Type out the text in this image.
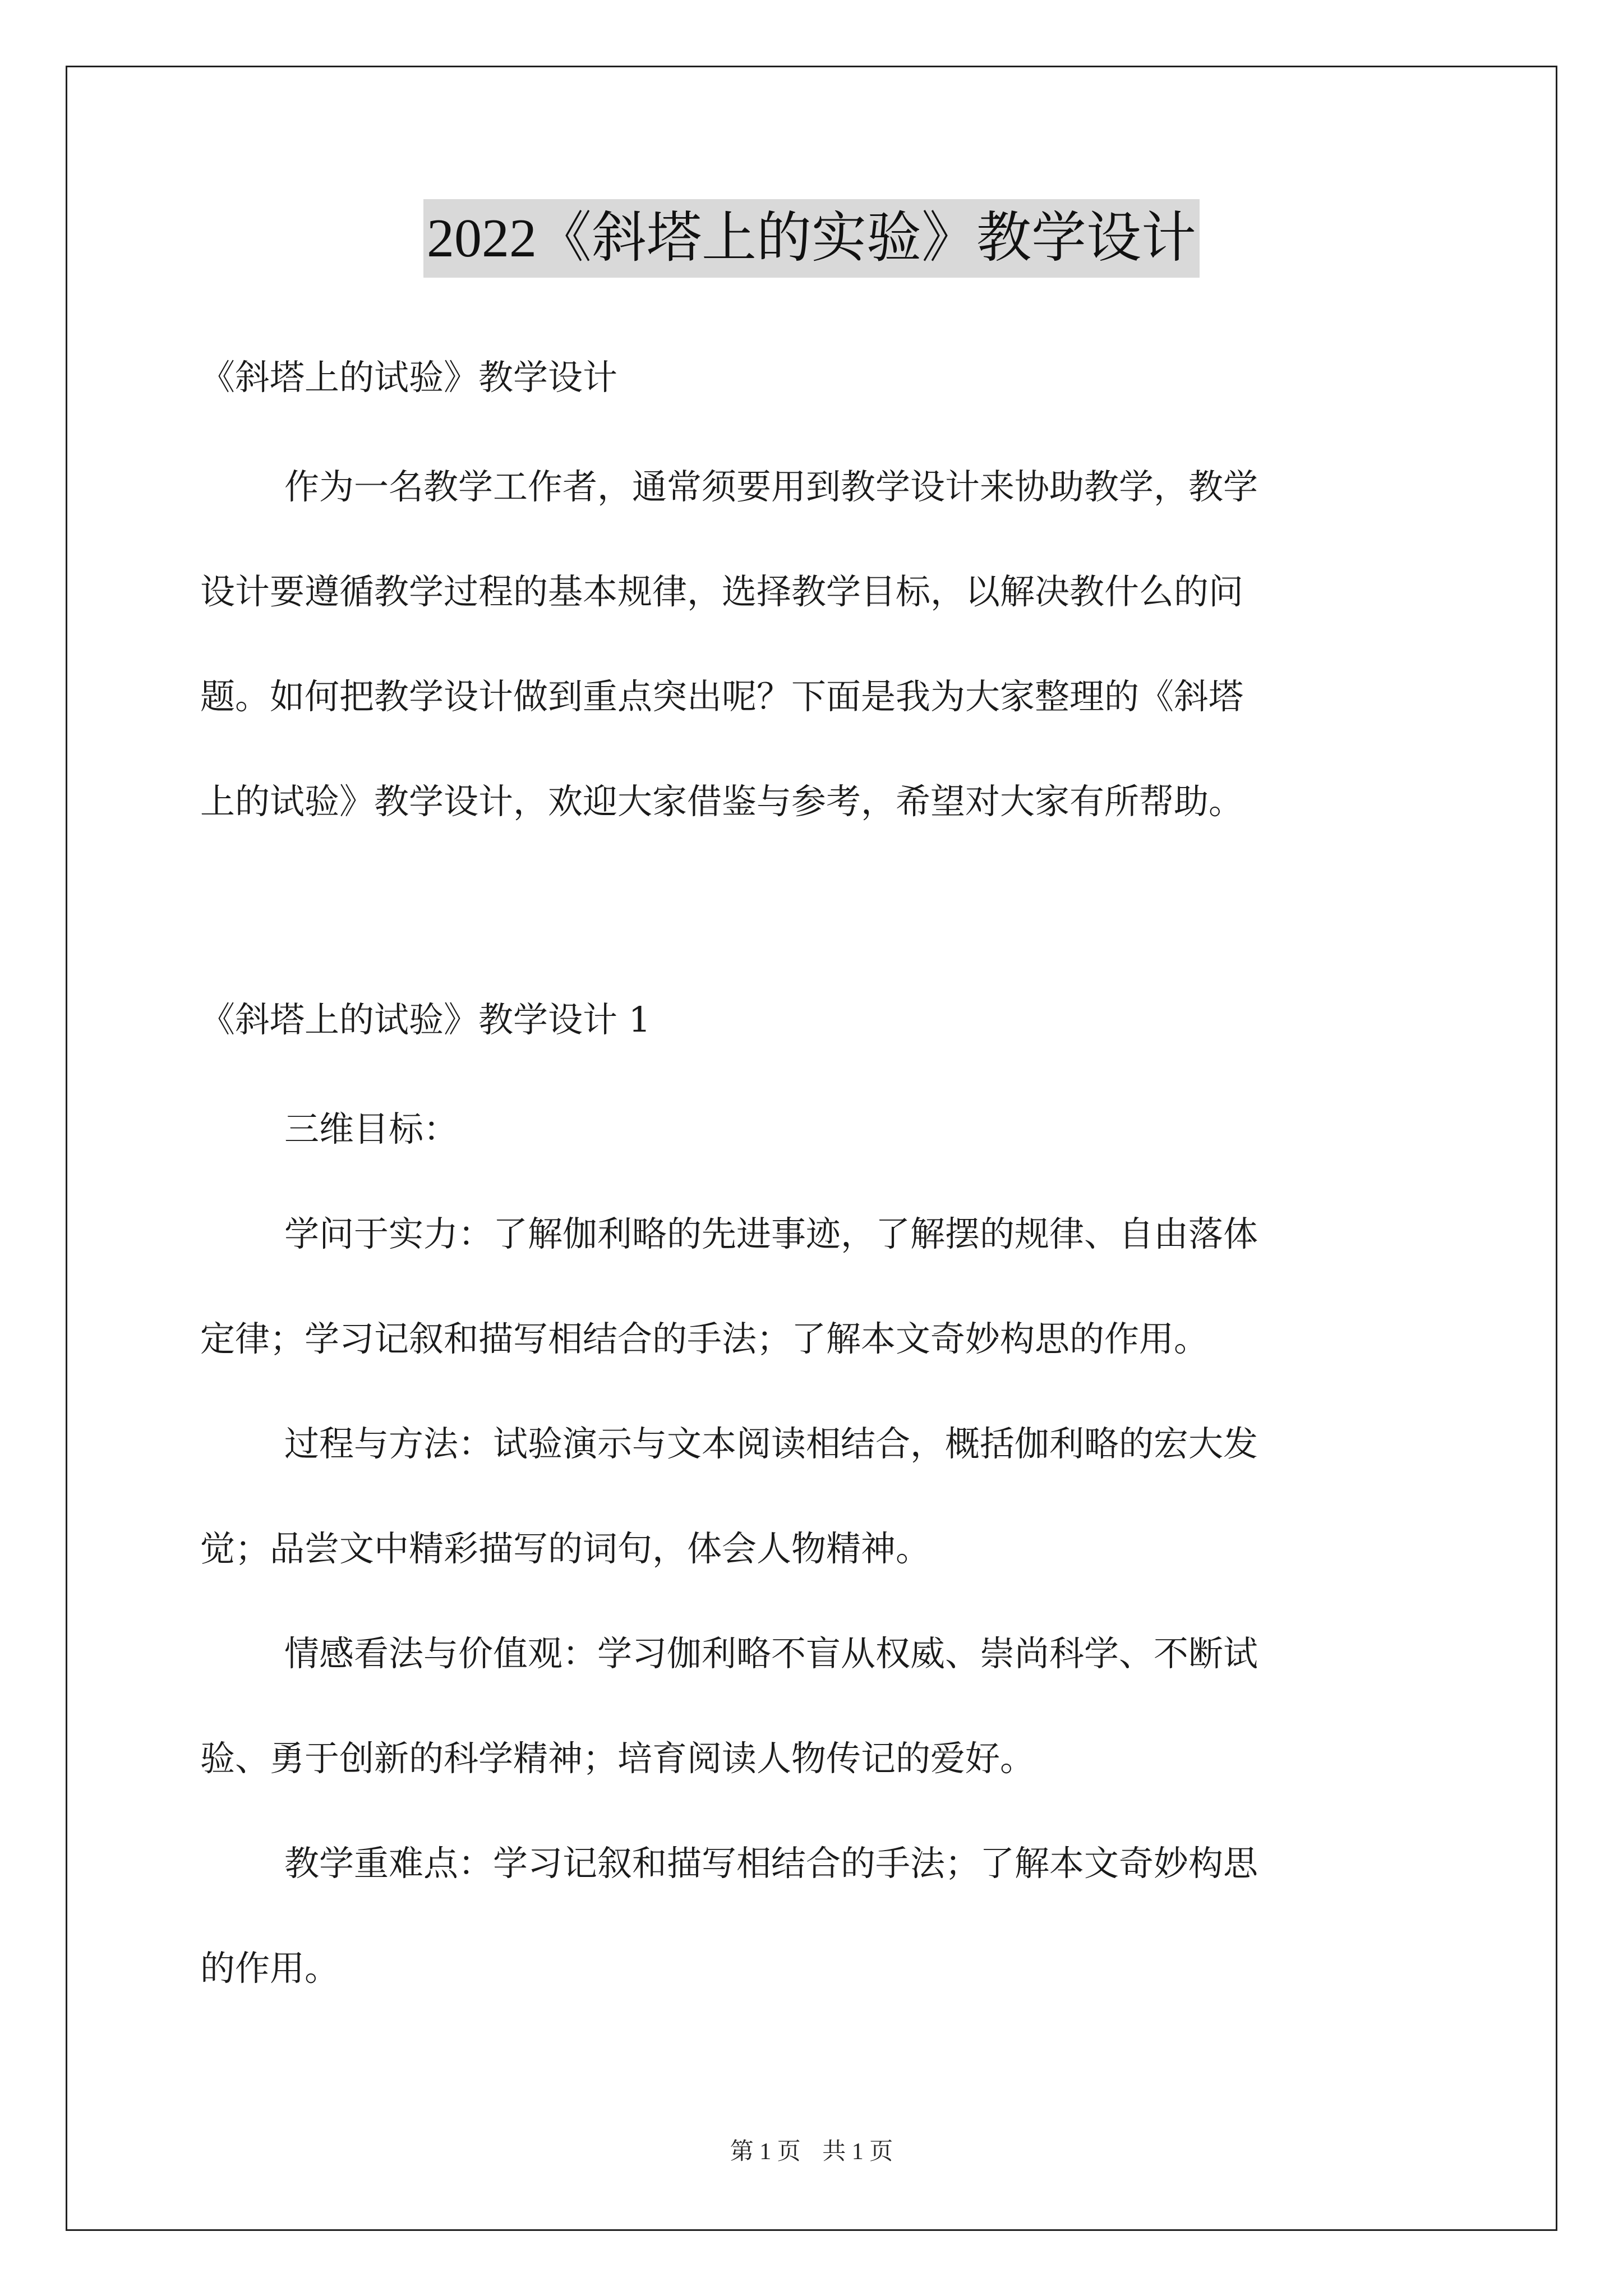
2022《斜塔上的实验》教学设计

《斜塔上的试验》教学设计

作为一名教学工作者，通常须要用到教学设计来协助教学，教学

设计要遵循教学过程的基本规律，选择教学目标，以解决教什么的问

题。如何把教学设计做到重点突出呢？下面是我为大家整理的《斜塔

上的试验》教学设计，欢迎大家借鉴与参考，希望对大家有所帮助。

《斜塔上的试验》教学设计 1

三维目标：

学问于实力：了解伽利略的先进事迹，了解摆的规律、自由落体

定律；学习记叙和描写相结合的手法；了解本文奇妙构思的作用。

过程与方法：试验演示与文本阅读相结合，概括伽利略的宏大发

觉；品尝文中精彩描写的词句，体会人物精神。

情感看法与价值观：学习伽利略不盲从权威、崇尚科学、不断试

验、勇于创新的科学精神；培育阅读人物传记的爱好。

教学重难点：学习记叙和描写相结合的手法；了解本文奇妙构思

的作用。

第 1 页 共 1 页
